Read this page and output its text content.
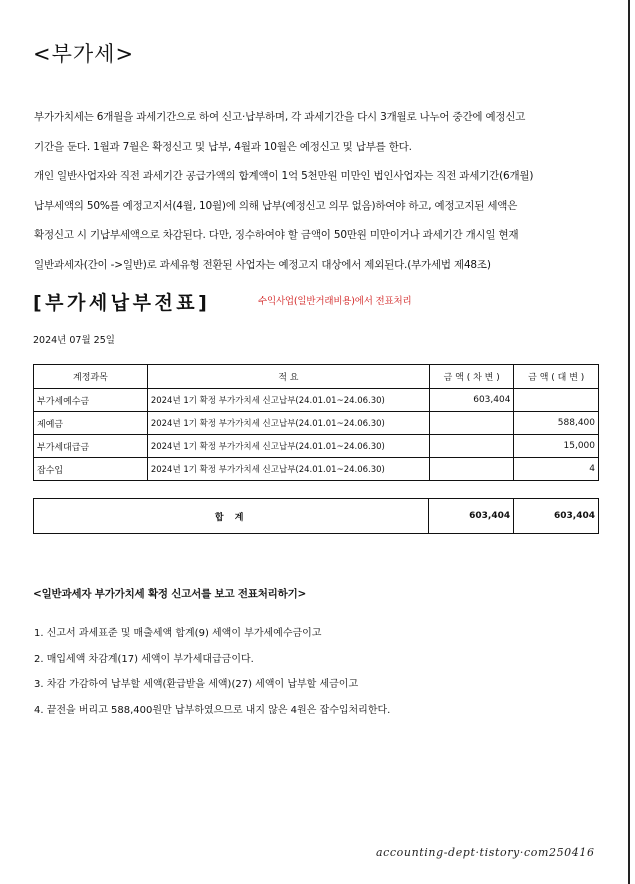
<부가세>

부가가치세는 6개월을 과세기간으로 하여 신고·납부하며, 각 과세기간을 다시 3개월로 나누어 중간에 예정신고

기간을 둔다. 1월과 7월은 확정신고 및 납부, 4월과 10월은 예정신고 및 납부를 한다.

개인 일반사업자와 직전 과세기간 공급가액의 합계액이 1억 5천만원 미만인 법인사업자는 직전 과세기간(6개월)

납부세액의 50%를 예정고지서(4월, 10월)에 의해 납부(예정신고 의무 없음)하여야 하고, 예정고지된 세액은

확정신고 시 기납부세액으로 차감된다. 다만, 징수하여야 할 금액이 50만원 미만이거나 과세기간 개시일 현재

일반과세자(간이 ->일반)로 과세유형 전환된 사업자는 예정고지 대상에서 제외된다.(부가세법 제48조)

[부가세납부전표]	수익사업(일반거래비용)에서 전표처리
2024년 07월 25일
계정과목	적 요	금 액 ( 차 변 )	금 액 ( 대 변 )
부가세예수금	2024년 1기 확정 부가가치세 신고납부(24.01.01~24.06.30)	603,404	
제예금	2024년 1기 확정 부가가치세 신고납부(24.01.01~24.06.30)		588,400
부가세대급금	2024년 1기 확정 부가가치세 신고납부(24.01.01~24.06.30)		15,000
잡수입	2024년 1기 확정 부가가치세 신고납부(24.01.01~24.06.30)		4
합 계	603,404	603,404
<일반과세자 부가가치세 확정 신고서를 보고 전표처리하기>
1. 신고서 과세표준 및 매출세액 합계(9) 세액이 부가세예수금이고
2. 매입세액 차감계(17) 세액이 부가세대급금이다.
3. 차감 가감하여 납부할 세액(환급받을 세액)(27) 세액이 납부할 세금이고
4. 끝전을 버리고 588,400원만 납부하였으므로 내지 않은 4원은 잡수입처리한다.
accounting-dept·tistory·com250416
